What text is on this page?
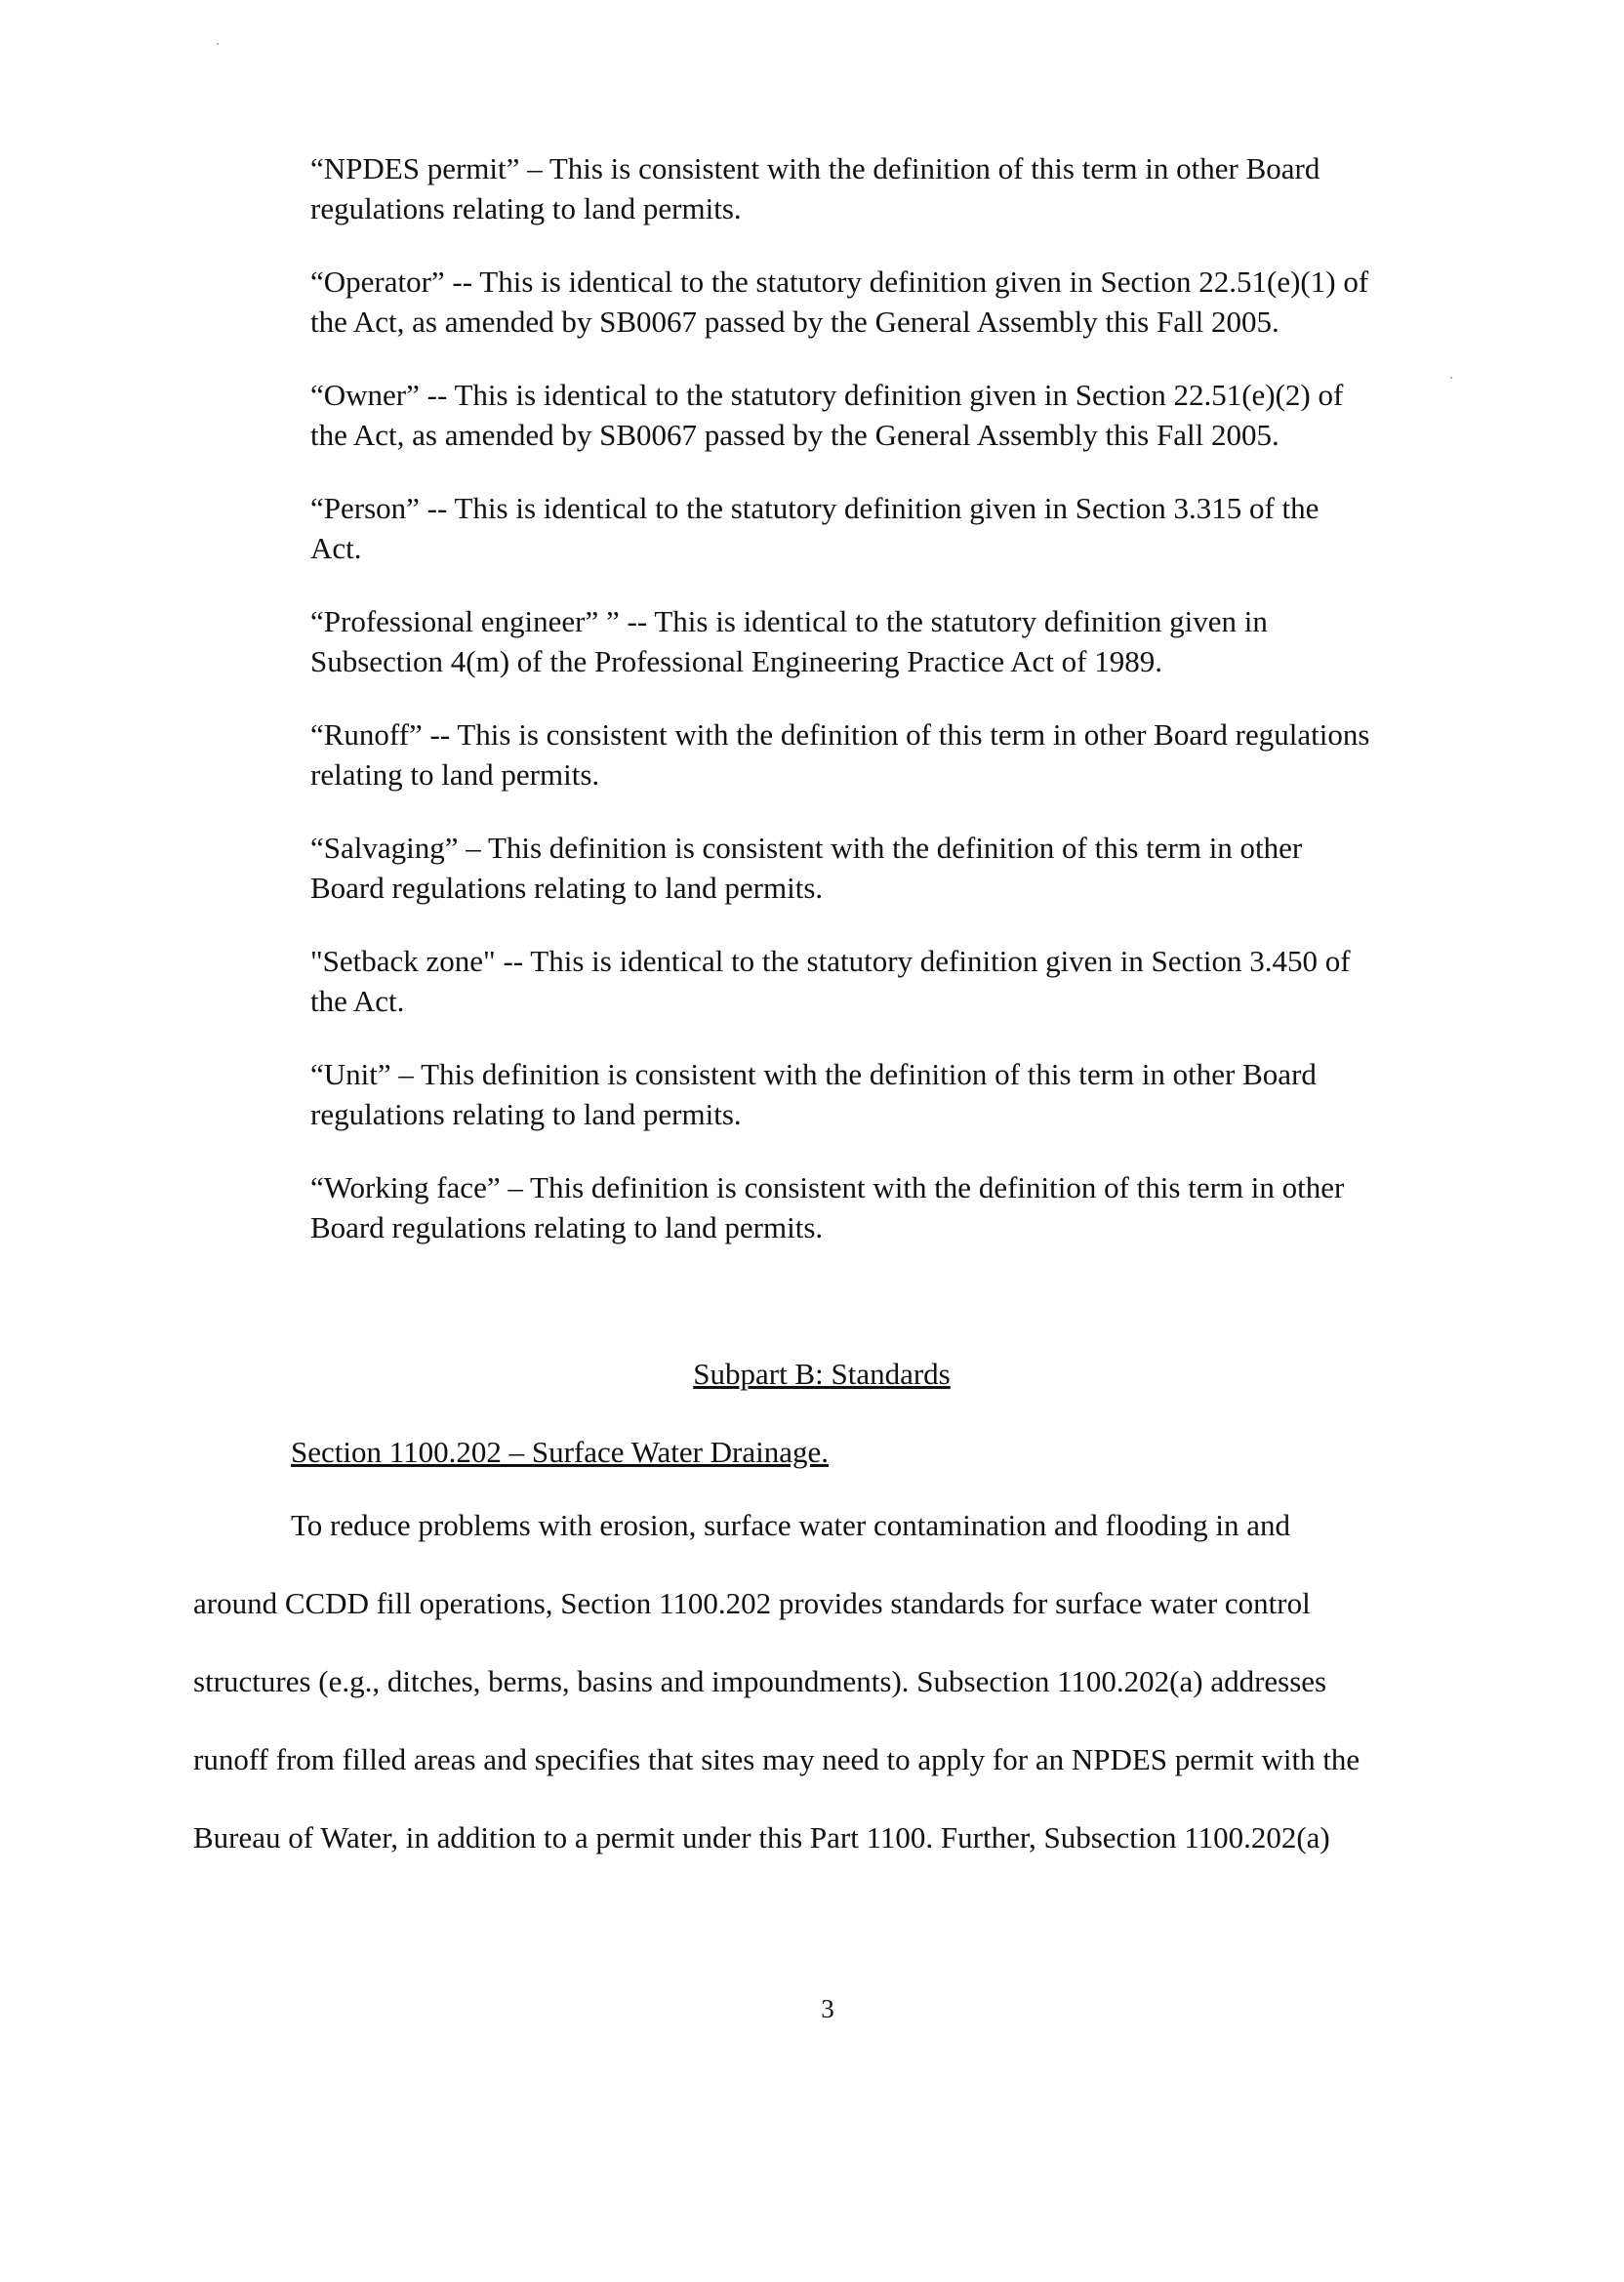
“NPDES permit” – This is consistent with the definition of this term in other Board
regulations relating to land permits.

“Operator” -- This is identical to the statutory definition given in Section 22.51(e)(1) of
the Act, as amended by SB0067 passed by the General Assembly this Fall 2005.

“Owner” -- This is identical to the statutory definition given in Section 22.51(e)(2) of
the Act, as amended by SB0067 passed by the General Assembly this Fall 2005.

“Person” -- This is identical to the statutory definition given in Section 3.315 of the
Act.

“Professional engineer” ” -- This is identical to the statutory definition given in
Subsection 4(m) of the Professional Engineering Practice Act of 1989.

“Runoff” -- This is consistent with the definition of this term in other Board regulations
relating to land permits.

“Salvaging” – This definition is consistent with the definition of this term in other
Board regulations relating to land permits.

"Setback zone" -- This is identical to the statutory definition given in Section 3.450 of
the Act.

“Unit” – This definition is consistent with the definition of this term in other Board
regulations relating to land permits.

“Working face” – This definition is consistent with the definition of this term in other
Board regulations relating to land permits.

Subpart B: Standards
Section 1100.202 – Surface Water Drainage.
To reduce problems with erosion, surface water contamination and flooding in and
around CCDD fill operations, Section 1100.202 provides standards for surface water control
structures (e.g., ditches, berms, basins and impoundments). Subsection 1100.202(a) addresses
runoff from filled areas and specifies that sites may need to apply for an NPDES permit with the
Bureau of Water, in addition to a permit under this Part 1100. Further, Subsection 1100.202(a)
3
